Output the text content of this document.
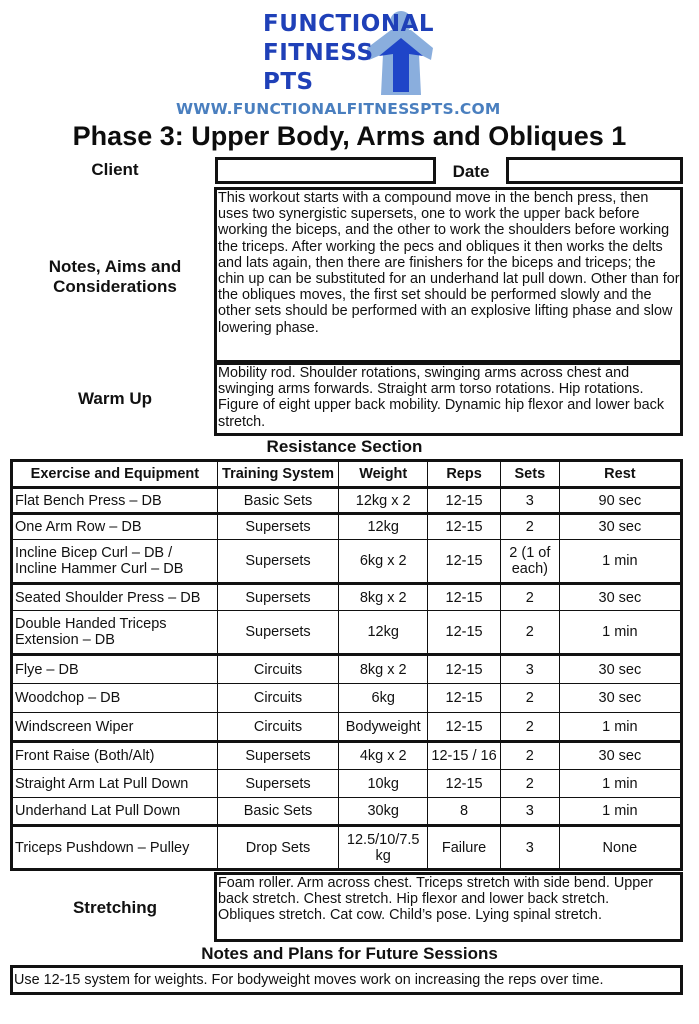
FUNCTIONAL
FITNESS
PTS
WWW.FUNCTIONALFITNESSPTS.COM
Phase 3: Upper Body, Arms and Obliques 1
Client	Date
Notes, Aims and
Considerations
This workout starts with a compound move in the bench press, then uses two synergistic supersets, one to work the upper back before working the biceps, and the other to work the shoulders before working the triceps. After working the pecs and obliques it then works the delts and lats again, then there are finishers for the biceps and triceps; the chin up can be substituted for an underhand lat pull down. Other than for the obliques moves, the first set should be performed slowly and the other sets should be performed with an explosive lifting phase and slow lowering phase.
Warm Up
Mobility rod. Shoulder rotations, swinging arms across chest and swinging arms forwards. Straight arm torso rotations. Hip rotations. Figure of eight upper back mobility. Dynamic hip flexor and lower back stretch.
Resistance Section
Exercise and Equipment	Training System	Weight	Reps	Sets	Rest
Flat Bench Press – DB	Basic Sets	12kg x 2	12-15	3	90 sec
One Arm Row – DB	Supersets	12kg	12-15	2	30 sec
Incline Bicep Curl – DB / Incline Hammer Curl – DB	Supersets	6kg x 2	12-15	2 (1 of each)	1 min
Seated Shoulder Press – DB	Supersets	8kg x 2	12-15	2	30 sec
Double Handed Triceps Extension – DB	Supersets	12kg	12-15	2	1 min
Flye – DB	Circuits	8kg x 2	12-15	3	30 sec
Woodchop – DB	Circuits	6kg	12-15	2	30 sec
Windscreen Wiper	Circuits	Bodyweight	12-15	2	1 min
Front Raise (Both/Alt)	Supersets	4kg x 2	12-15 / 16	2	30 sec
Straight Arm Lat Pull Down	Supersets	10kg	12-15	2	1 min
Underhand Lat Pull Down	Basic Sets	30kg	8	3	1 min
Triceps Pushdown – Pulley	Drop Sets	12.5/10/7.5 kg	Failure	3	None
Stretching
Foam roller. Arm across chest. Triceps stretch with side bend. Upper back stretch. Chest stretch. Hip flexor and lower back stretch. Obliques stretch. Cat cow. Child’s pose. Lying spinal stretch.
Notes and Plans for Future Sessions
Use 12-15 system for weights. For bodyweight moves work on increasing the reps over time.
